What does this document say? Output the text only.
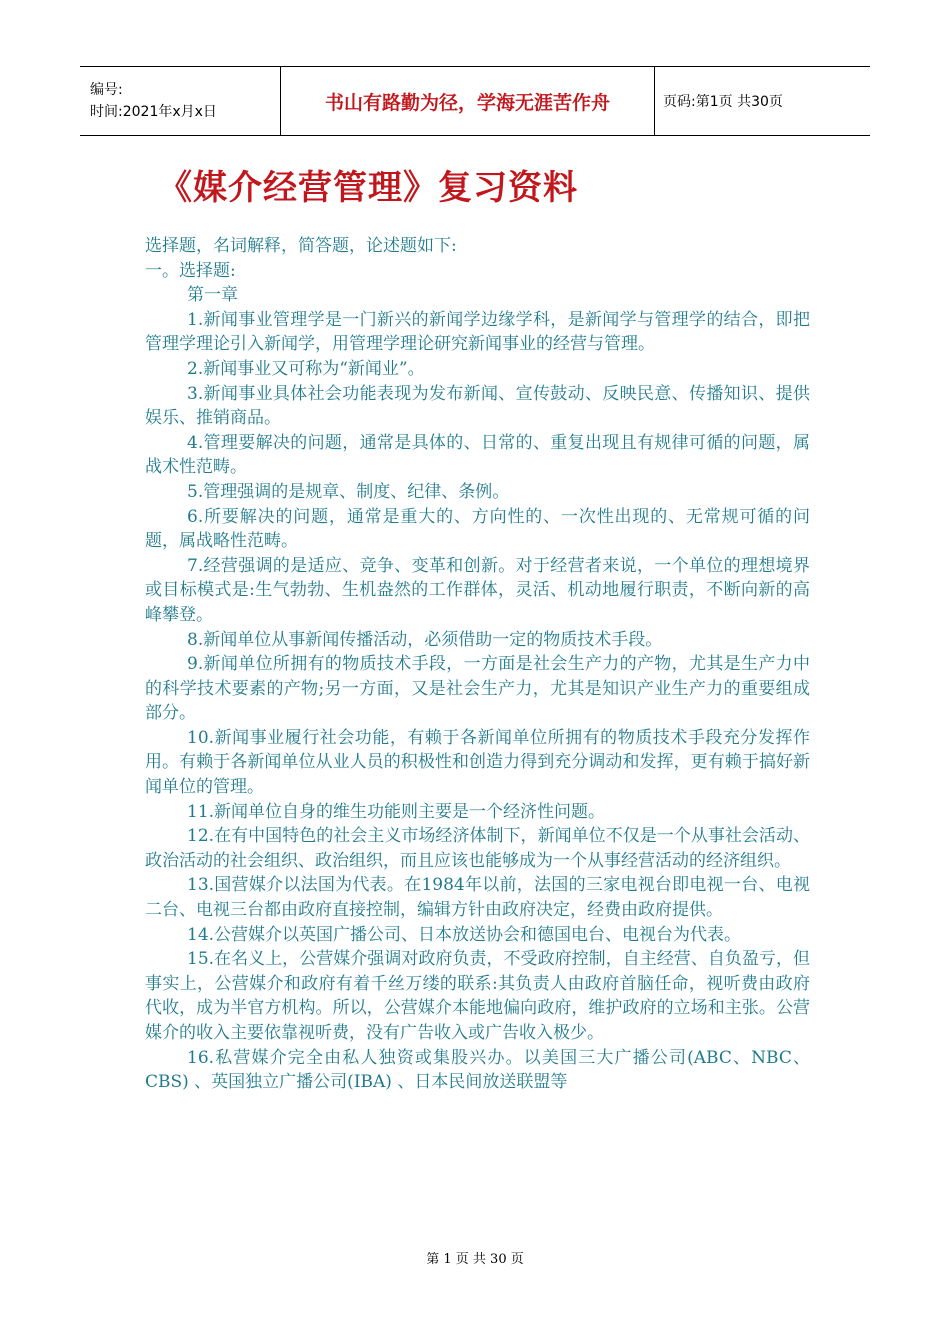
编号:
时间:2021年x月x日	书山有路勤为径，学海无涯苦作舟	页码:第1页 共30页
《媒介经营管理》复习资料

选择题，名词解释，简答题，论述题如下:

一。选择题:

第一章

1.新闻事业管理学是一门新兴的新闻学边缘学科，是新闻学与管理学的结合，即把管理学理论引入新闻学，用管理学理论研究新闻事业的经营与管理。

2.新闻事业又可称为“新闻业”。

3.新闻事业具体社会功能表现为发布新闻、宣传鼓动、反映民意、传播知识、提供娱乐、推销商品。

4.管理要解决的问题，通常是具体的、日常的、重复出现且有规律可循的问题，属战术性范畴。

5.管理强调的是规章、制度、纪律、条例。

6.所要解决的问题，通常是重大的、方向性的、一次性出现的、无常规可循的问题，属战略性范畴。

7.经营强调的是适应、竞争、变革和创新。对于经营者来说，一个单位的理想境界或目标模式是:生气勃勃、生机盎然的工作群体，灵活、机动地履行职责，不断向新的高峰攀登。

8.新闻单位从事新闻传播活动，必须借助一定的物质技术手段。

9.新闻单位所拥有的物质技术手段，一方面是社会生产力的产物，尤其是生产力中的科学技术要素的产物;另一方面，又是社会生产力，尤其是知识产业生产力的重要组成部分。

10.新闻事业履行社会功能，有赖于各新闻单位所拥有的物质技术手段充分发挥作用。有赖于各新闻单位从业人员的积极性和创造力得到充分调动和发挥，更有赖于搞好新闻单位的管理。

11.新闻单位自身的维生功能则主要是一个经济性问题。

12.在有中国特色的社会主义市场经济体制下，新闻单位不仅是一个从事社会活动、政治活动的社会组织、政治组织，而且应该也能够成为一个从事经营活动的经济组织。

13.国营媒介以法国为代表。在1984年以前，法国的三家电视台即电视一台、电视二台、电视三台都由政府直接控制，编辑方针由政府决定，经费由政府提供。

14.公营媒介以英国广播公司、日本放送协会和德国电台、电视台为代表。

15.在名义上，公营媒介强调对政府负责，不受政府控制，自主经营、自负盈亏，但事实上，公营媒介和政府有着千丝万缕的联系:其负责人由政府首脑任命，视听费由政府代收，成为半官方机构。所以，公营媒介本能地偏向政府，维护政府的立场和主张。公营媒介的收入主要依靠视听费，没有广告收入或广告收入极少。

16.私营媒介完全由私人独资或集股兴办。以美国三大广播公司(ABC、NBC、CBS) 、英国独立广播公司(IBA) 、日本民间放送联盟等

第 1 页 共 30 页
